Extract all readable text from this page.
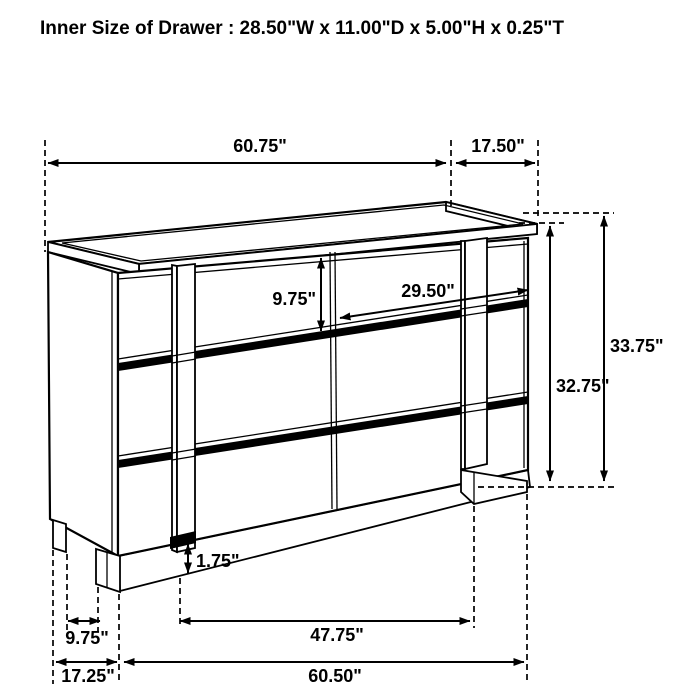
Inner Size of Drawer : 28.50"W x 11.00"D x 5.00"H x 0.25"T
60.75"	17.50"
33.75"
32.75"
9.75"	29.50"
1.75"
9.75"	47.75"
17.25"	60.50"
